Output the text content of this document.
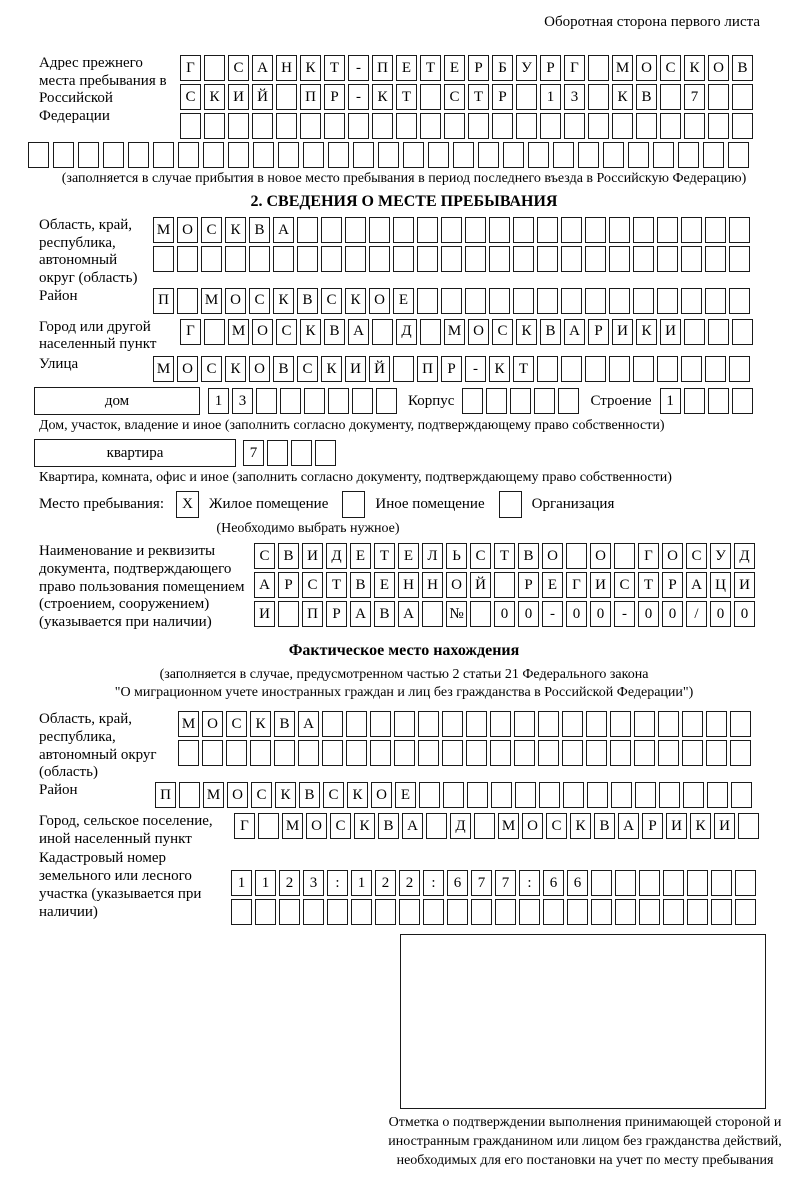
Оборотная сторона первого листа
Адрес прежнего места пребывания в Российской Федерации
Г	С А Н К Т	-	П Е Т Е	Р	Б У Р	Г	М О С К О В
С К И Й	П Р	-	К Т	С Т	Р	1	3	К В	7
(заполняется в случае прибытия в новое место пребывания в период последнего въезда в Российскую Федерацию)
2. СВЕДЕНИЯ О МЕСТЕ ПРЕБЫВАНИЯ
Область, край, республика, автономный округ (область)
М О С К В А
Район	П	М О С К В С К О Е
Город или другой населенный пункт
Г	М О С К В А	Д	М О С К В А Р И К И
Улица	М О С К О В С К И Й	П Р	-	К Т
дом	1	3	Корпус	Строение 1
Дом, участок, владение и иное (заполнить согласно документу, подтверждающему право собственности)
квартира	7
Квартира, комната, офис и иное (заполнить согласно документу, подтверждающему право собственности)
Место пребывания: X	Жилое помещение	Иное помещение	Организация
(Необходимо выбрать нужное)
Наименование и реквизиты документа, подтверждающего право пользования помещением (строением, сооружением) (указывается при наличии)
С В И Д Е Т Е Л Ь С Т В О	О	Г О С У Д
А Р С Т В Е Н Н О Й	Р	Е	Г И С Т	Р А Ц И
И	П Р А В А	№	0	0	-	0	0	-	0	0	/	0	0
Фактическое место нахождения
(заполняется в случае, предусмотренном частью 2 статьи 21 Федерального закона
"О миграционном учете иностранных граждан и лиц без гражданства в Российской Федерации")
Область, край, республика, автономный округ (область)
М О С К В А
Район	П	М О С К В С К О Е
Город, сельское поселение, иной населенный пункт
Г	М О С К В А	Д	М О С К В А Р И К И
Кадастровый номер земельного или лесного участка (указывается при наличии)
1	1	2	3	:	1	2	2	:	6	7	7	:	6	6
Отметка о подтверждении выполнения принимающей стороной и иностранным гражданином или лицом без гражданства действий, необходимых для его постановки на учет по месту пребывания
